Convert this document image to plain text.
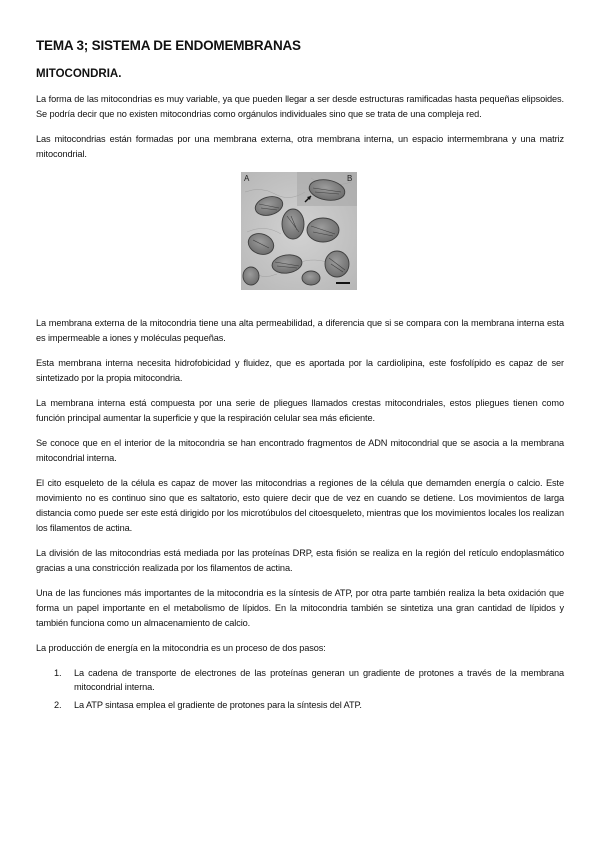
TEMA 3; SISTEMA DE ENDOMEMBRANAS
MITOCONDRIA.

La forma de las mitocondrias es muy variable, ya que pueden llegar a ser desde estructuras ramificadas hasta pequeñas elipsoides. Se podría decir que no existen mitocondrias como orgánulos individuales sino que se trata de una compleja red.

Las mitocondrias están formadas por una membrana externa, otra membrana interna, un espacio intermembrana y una matriz mitocondrial.

A	B

La membrana externa de la mitocondria tiene una alta permeabilidad, a diferencia que si se compara con la membrana interna esta es impermeable a iones y moléculas pequeñas.

Esta membrana interna necesita hidrofobicidad y fluidez, que es aportada por la cardiolipina, este fosfolípido es capaz de ser sintetizado por la propia mitocondria.

La membrana interna está compuesta por una serie de pliegues llamados crestas mitocondriales, estos pliegues tienen como función principal aumentar la superficie y que la respiración celular sea más eficiente.

Se conoce que en el interior de la mitocondria se han encontrado fragmentos de ADN mitocondrial que se asocia a la membrana mitocondrial interna.

El cito esqueleto de la célula es capaz de mover las mitocondrias a regiones de la célula que demamden energía o calcio. Este movimiento no es continuo sino que es saltatorio, esto quiere decir que de vez en cuando se detiene. Los movimientos de larga distancia como puede ser este está dirigido por los microtúbulos del citoesqueleto, mientras que los movimientos locales los realizan los filamentos de actina.

La división de las mitocondrias está mediada por las proteínas DRP, esta fisión se realiza en la región del retículo endoplasmático gracias a una constricción realizada por los filamentos de actina.

Una de las funciones más importantes de la mitocondria es la síntesis de ATP, por otra parte también realiza la beta oxidación que forma un papel importante en el metabolismo de lípidos. En la mitocondria también se sintetiza una gran cantidad de lípidos y también funciona como un almacenamiento de calcio.

La producción de energía en la mitocondria es un proceso de dos pasos:

1. La cadena de transporte de electrones de las proteínas generan un gradiente de protones a través de la membrana mitocondrial interna.
2. La ATP sintasa emplea el gradiente de protones para la síntesis del ATP.
